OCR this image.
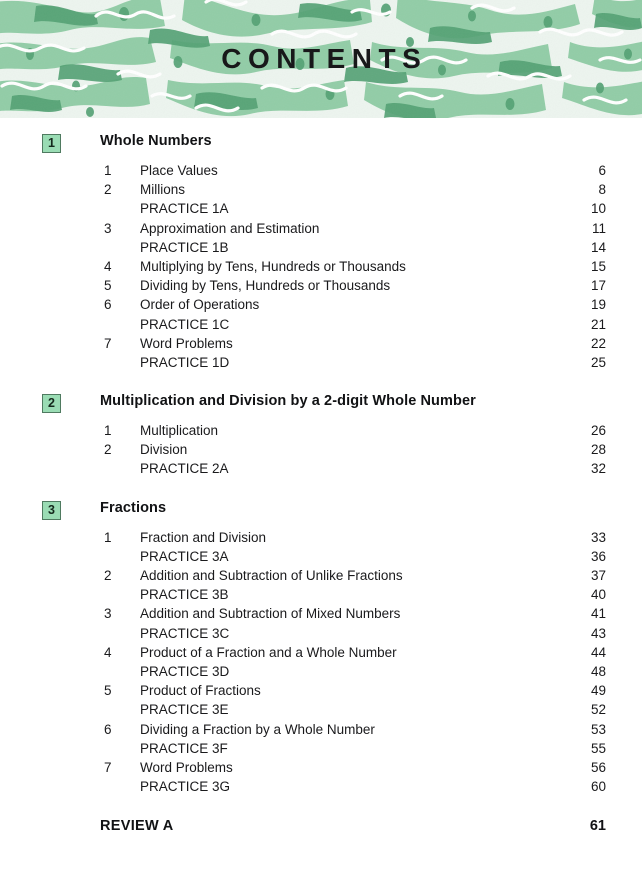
CONTENTS
1	Whole Numbers
1	Place Values	6
2	Millions	8
PRACTICE 1A	10
3	Approximation and Estimation	11
PRACTICE 1B	14
4	Multiplying by Tens, Hundreds or Thousands	15
5	Dividing by Tens, Hundreds or Thousands	17
6	Order of Operations	19
PRACTICE 1C	21
7	Word Problems	22
PRACTICE 1D	25
2	Multiplication and Division by a 2-digit Whole Number
1	Multiplication	26
2	Division	28
PRACTICE 2A	32
3	Fractions
1	Fraction and Division	33
PRACTICE 3A	36
2	Addition and Subtraction of Unlike Fractions	37
PRACTICE 3B	40
3	Addition and Subtraction of Mixed Numbers	41
PRACTICE 3C	43
4	Product of a Fraction and a Whole Number	44
PRACTICE 3D	48
5	Product of Fractions	49
PRACTICE 3E	52
6	Dividing a Fraction by a Whole Number	53
PRACTICE 3F	55
7	Word Problems	56
PRACTICE 3G	60
REVIEW A	61
